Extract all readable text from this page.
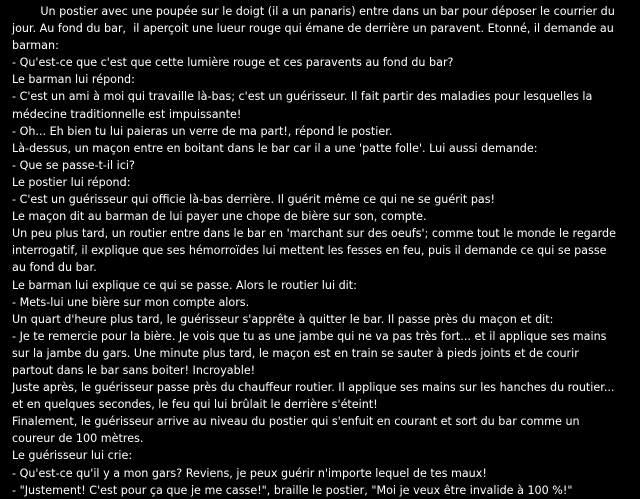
Un postier avec une poupée sur le doigt (il a un panaris) entre dans un bar pour déposer le courrier du
jour. Au fond du bar,  il aperçoit une lueur rouge qui émane de derrière un paravent. Etonné, il demande au
barman:
- Qu'est-ce que c'est que cette lumière rouge et ces paravents au fond du bar?
Le barman lui répond:
- C'est un ami à moi qui travaille là-bas; c'est un guérisseur. Il fait partir des maladies pour lesquelles la
médecine traditionnelle est impuissante!
- Oh... Eh bien tu lui paieras un verre de ma part!, répond le postier.
Là-dessus, un maçon entre en boitant dans le bar car il a une 'patte folle'. Lui aussi demande:
- Que se passe-t-il ici?
Le postier lui répond:
- C'est un guérisseur qui officie là-bas derrière. Il guérit même ce qui ne se guérit pas!
Le maçon dit au barman de lui payer une chope de bière sur son, compte.
Un peu plus tard, un routier entre dans le bar en 'marchant sur des oeufs'; comme tout le monde le regarde
interrogatif, il explique que ses hémorroïdes lui mettent les fesses en feu, puis il demande ce qui se passe
au fond du bar.
Le barman lui explique ce qui se passe. Alors le routier lui dit:
- Mets-lui une bière sur mon compte alors.
Un quart d'heure plus tard, le guérisseur s'apprête à quitter le bar. Il passe près du maçon et dit:
- Je te remercie pour la bière. Je vois que tu as une jambe qui ne va pas très fort... et il applique ses mains
sur la jambe du gars. Une minute plus tard, le maçon est en train se sauter à pieds joints et de courir
partout dans le bar sans boiter! Incroyable!
Juste après, le guérisseur passe près du chauffeur routier. Il applique ses mains sur les hanches du routier...
et en quelques secondes, le feu qui lui brûlait le derrière s'éteint!
Finalement, le guérisseur arrive au niveau du postier qui s'enfuit en courant et sort du bar comme un
coureur de 100 mètres.
Le guérisseur lui crie:
- Qu'est-ce qu'il y a mon gars? Reviens, je peux guérir n'importe lequel de tes maux!
- "Justement! C'est pour ça que je me casse!", braille le postier, "Moi je veux être invalide à 100 %!"
